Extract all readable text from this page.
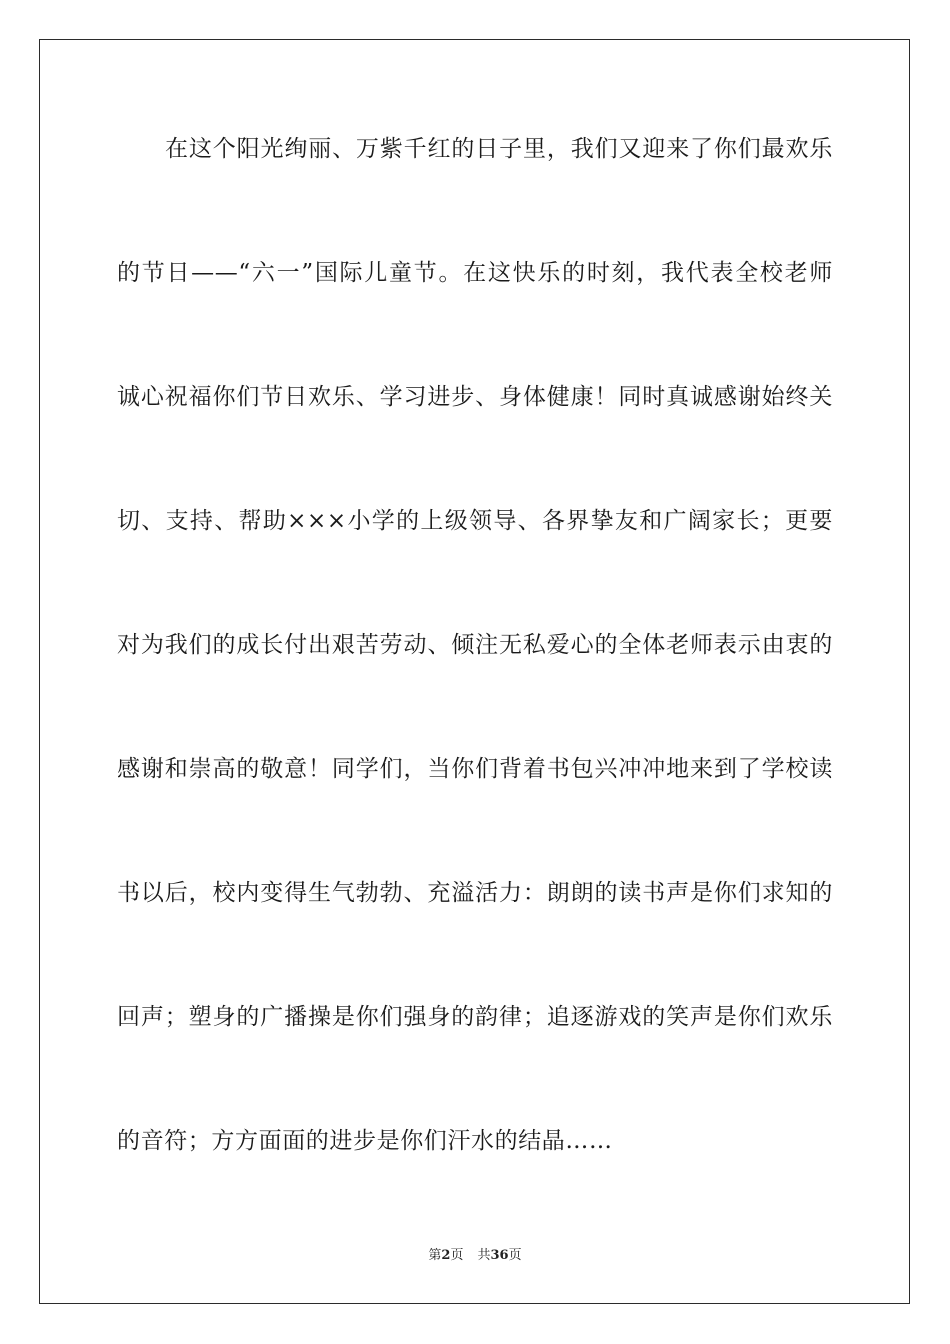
在这个阳光绚丽、万紫千红的日子里，我们又迎来了你们最欢乐
的节日——“六一”国际儿童节。在这快乐的时刻，我代表全校老师
诚心祝福你们节日欢乐、学习进步、身体健康！同时真诚感谢始终关
切、支持、帮助×××小学的上级领导、各界挚友和广阔家长；更要
对为我们的成长付出艰苦劳动、倾注无私爱心的全体老师表示由衷的
感谢和崇高的敬意！同学们，当你们背着书包兴冲冲地来到了学校读
书以后，校内变得生气勃勃、充溢活力：朗朗的读书声是你们求知的
回声；塑身的广播操是你们强身的韵律；追逐游戏的笑声是你们欢乐
的音符；方方面面的进步是你们汗水的结晶……
第2页 共36页
